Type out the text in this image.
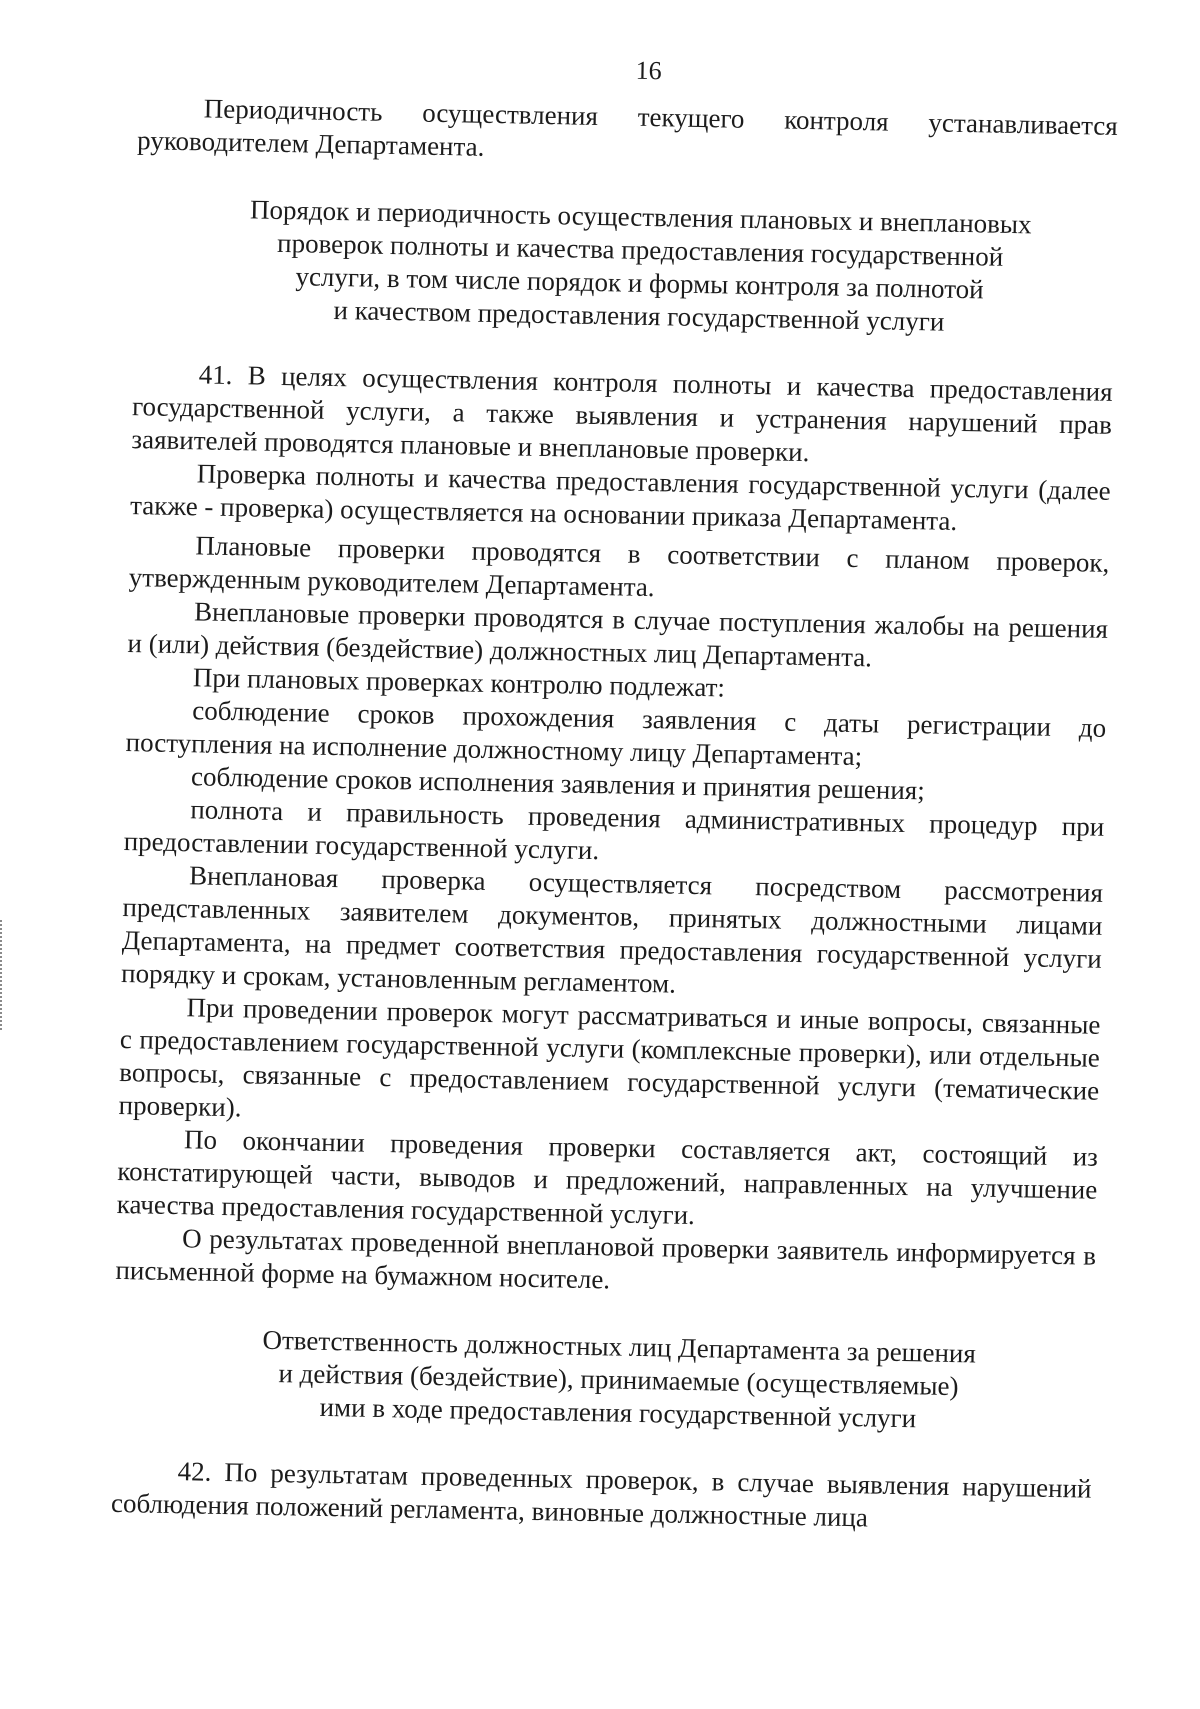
16

Периодичность осуществления текущего контроля устанавливается руководителем Департамента.

Порядок и периодичность осуществления плановых и внеплановых
проверок полноты и качества предоставления государственной
услуги, в том числе порядок и формы контроля за полнотой
и качеством предоставления государственной услуги

41. В целях осуществления контроля полноты и качества предоставления государственной услуги, а также выявления и устранения нарушений прав заявителей проводятся плановые и внеплановые проверки.

Проверка полноты и качества предоставления государственной услуги (далее также - проверка) осуществляется на основании приказа Департамента.

Плановые проверки проводятся в соответствии с планом проверок, утвержденным руководителем Департамента.

Внеплановые проверки проводятся в случае поступления жалобы на решения и (или) действия (бездействие) должностных лиц Департамента.

При плановых проверках контролю подлежат:

соблюдение сроков прохождения заявления с даты регистрации до поступления на исполнение должностному лицу Департамента;

соблюдение сроков исполнения заявления и принятия решения;

полнота и правильность проведения административных процедур при предоставлении государственной услуги.

Внеплановая проверка осуществляется посредством рассмотрения представленных заявителем документов, принятых должностными лицами Департамента, на предмет соответствия предоставления государственной услуги порядку и срокам, установленным регламентом.

При проведении проверок могут рассматриваться и иные вопросы, связанные с предоставлением государственной услуги (комплексные проверки), или отдельные вопросы, связанные с предоставлением государственной услуги (тематические проверки).

По окончании проведения проверки составляется акт, состоящий из констатирующей части, выводов и предложений, направленных на улучшение качества предоставления государственной услуги.

О результатах проведенной внеплановой проверки заявитель информируется в письменной форме на бумажном носителе.

Ответственность должностных лиц Департамента за решения
и действия (бездействие), принимаемые (осуществляемые)
ими в ходе предоставления государственной услуги

42. По результатам проведенных проверок, в случае выявления нарушений соблюдения положений регламента, виновные должностные лица
